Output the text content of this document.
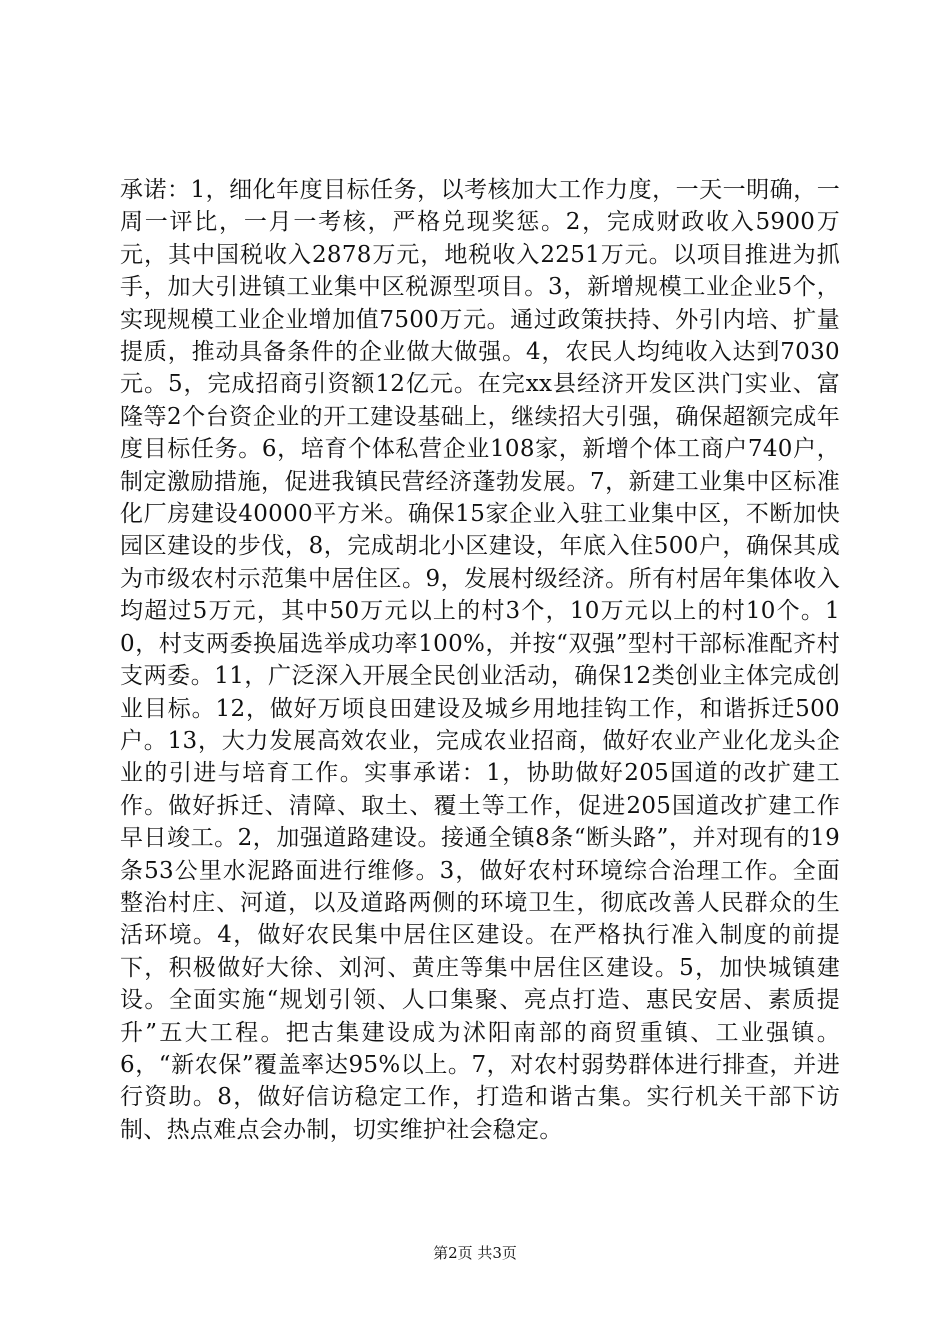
承诺：1，细化年度目标任务，以考核加大工作力度，一天一明确，一周一评比，一月一考核，严格兑现奖惩。2，完成财政收入5900万元，其中国税收入2878万元，地税收入2251万元。以项目推进为抓手，加大引进镇工业集中区税源型项目。3，新增规模工业企业5个，实现规模工业企业增加值7500万元。通过政策扶持、外引内培、扩量提质，推动具备条件的企业做大做强。4，农民人均纯收入达到7030元。5，完成招商引资额12亿元。在完xx县经济开发区洪门实业、富隆等2个台资企业的开工建设基础上，继续招大引强，确保超额完成年度目标任务。6，培育个体私营企业108家，新增个体工商户740户，制定激励措施，促进我镇民营经济蓬勃发展。7，新建工业集中区标准化厂房建设40000平方米。确保15家企业入驻工业集中区，不断加快园区建设的步伐，8，完成胡北小区建设，年底入住500户，确保其成为市级农村示范集中居住区。9，发展村级经济。所有村居年集体收入均超过5万元，其中50万元以上的村3个，10万元以上的村10个。10，村支两委换届选举成功率100%，并按“双强”型村干部标准配齐村支两委。11，广泛深入开展全民创业活动，确保12类创业主体完成创业目标。12，做好万顷良田建设及城乡用地挂钩工作，和谐拆迁500户。13，大力发展高效农业，完成农业招商，做好农业产业化龙头企业的引进与培育工作。实事承诺：1，协助做好205国道的改扩建工作。做好拆迁、清障、取土、覆土等工作，促进205国道改扩建工作早日竣工。2，加强道路建设。接通全镇8条“断头路”，并对现有的19条53公里水泥路面进行维修。3，做好农村环境综合治理工作。全面整治村庄、河道，以及道路两侧的环境卫生，彻底改善人民群众的生活环境。4，做好农民集中居住区建设。在严格执行准入制度的前提下，积极做好大徐、刘河、黄庄等集中居住区建设。5，加快城镇建设。全面实施“规划引领、人口集聚、亮点打造、惠民安居、素质提升”五大工程。把古集建设成为沭阳南部的商贸重镇、工业强镇。6，“新农保”覆盖率达95%以上。7，对农村弱势群体进行排查，并进行资助。8，做好信访稳定工作，打造和谐古集。实行机关干部下访制、热点难点会办制，切实维护社会稳定。

第2页 共3页
